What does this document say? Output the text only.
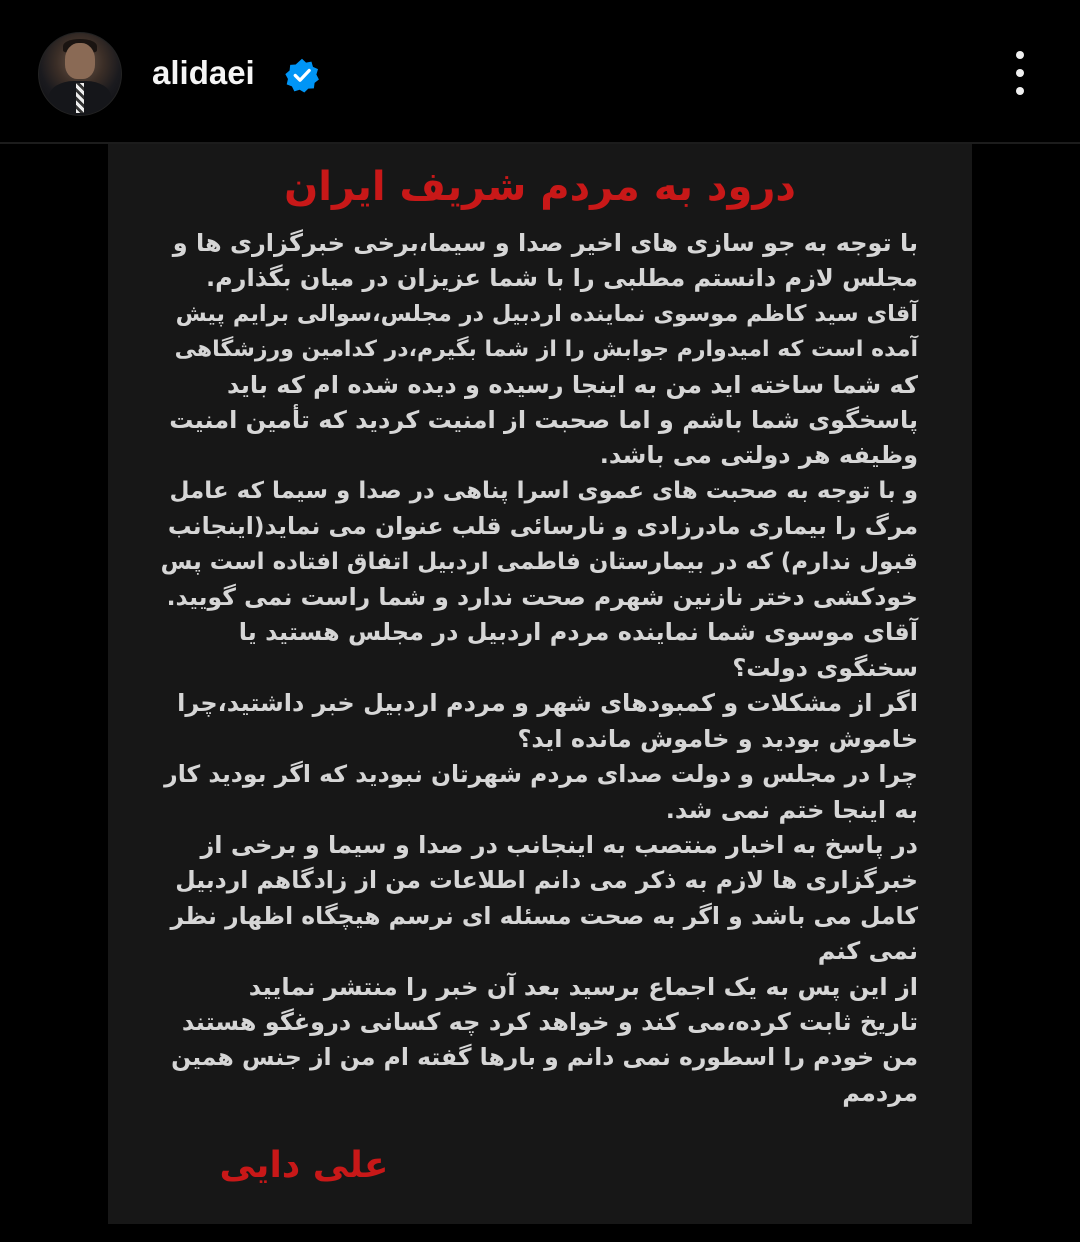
alidaei
درود به مردم شریف ایران
با توجه به جو سازی های اخیر صدا و سیما،برخی خبرگزاری ها و
مجلس لازم دانستم مطلبی را با شما عزیزان در میان بگذارم.
آقای سید کاظم موسوی نماینده اردبیل در مجلس،سوالی برایم پیش
آمده است که امیدوارم جوابش را از شما بگیرم،در کدامین ورزشگاهی
که شما ساخته اید من به اینجا رسیده و دیده شده ام که باید
پاسخگوی شما باشم و اما صحبت از امنیت کردید که تأمین امنیت
وظیفه هر دولتی می باشد.
و با توجه به صحبت های عموی اسرا پناهی در صدا و سیما که عامل
مرگ را بیماری مادرزادی و نارسائی قلب عنوان می نماید(اینجانب
قبول ندارم) که در بیمارستان فاطمی اردبیل اتفاق افتاده است پس
خودکشی دختر نازنین شهرم صحت ندارد و شما راست نمی گویید.
آقای موسوی شما نماینده مردم اردبیل در مجلس هستید یا
سخنگوی دولت؟
اگر از مشکلات و کمبودهای شهر و مردم اردبیل خبر داشتید،چرا
خاموش بودید و خاموش مانده اید؟
چرا در مجلس و دولت صدای مردم شهرتان نبودید که اگر بودید کار
به اینجا ختم نمی شد.
در پاسخ به اخبار منتصب به اینجانب در صدا و سیما و برخی از
خبرگزاری ها لازم به ذکر می دانم اطلاعات من از زادگاهم اردبیل
کامل می باشد و اگر به صحت مسئله ای نرسم هیچگاه اظهار نظر
نمی کنم
از این پس به یک اجماع برسید بعد آن خبر را منتشر نمایید
تاریخ ثابت کرده،می کند و خواهد کرد چه کسانی دروغگو هستند
من خودم را اسطوره نمی دانم و بارها گفته ام من از جنس همین
مردمم
علی دایی
